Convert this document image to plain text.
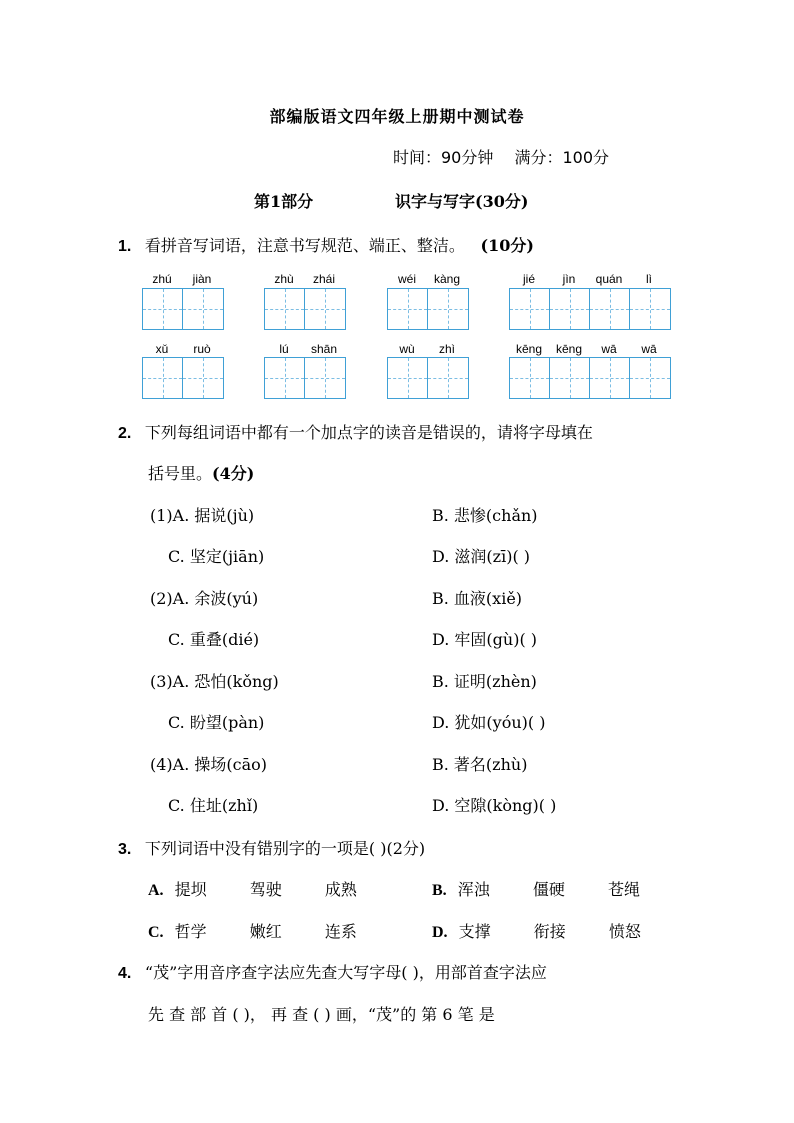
部编版语文四年级上册期中测试卷
时间：90分钟 满分：100分
第1部分	识字与写字(30分)
1. 看拼音写词语，注意书写规范、端正、整洁。 (10分)
zhú	jiàn	zhù	zhái	wéi	kàng	jié	jìn	quán	lì
xǔ	ruò	lú	shān	wù	zhì	kēng	kēng	wā	wā
2. 下列每组词语中都有一个加点字的读音是错误的，请将字母填在
括号里。(4分)
(1)A. 据说(jù)	B. 悲惨(chǎn)
C. 坚定(jiān)	D. 滋润(zī)( )
(2)A. 余波(yú)	B. 血液(xiě)
C. 重叠(dié)	D. 牢固(gù)( )
(3)A. 恐怕(kǒng)	B. 证明(zhèn)
C. 盼望(pàn)	D. 犹如(yóu)( )
(4)A. 操场(cāo)	B. 著名(zhù)
C. 住址(zhǐ)	D. 空隙(kòng)( )
3. 下列词语中没有错别字的一项是( )(2分)
A. 提坝	驾驶	成熟	B. 浑浊	僵硬	苍绳
C. 哲学	嫩红	连系	D. 支撑	衔接	愤怒
4. “茂”字用音序查字法应先查大写字母( )，用部首查字法应
先 查 部 首 ( )， 再 查 ( ) 画，“茂”的 第 6 笔 是
